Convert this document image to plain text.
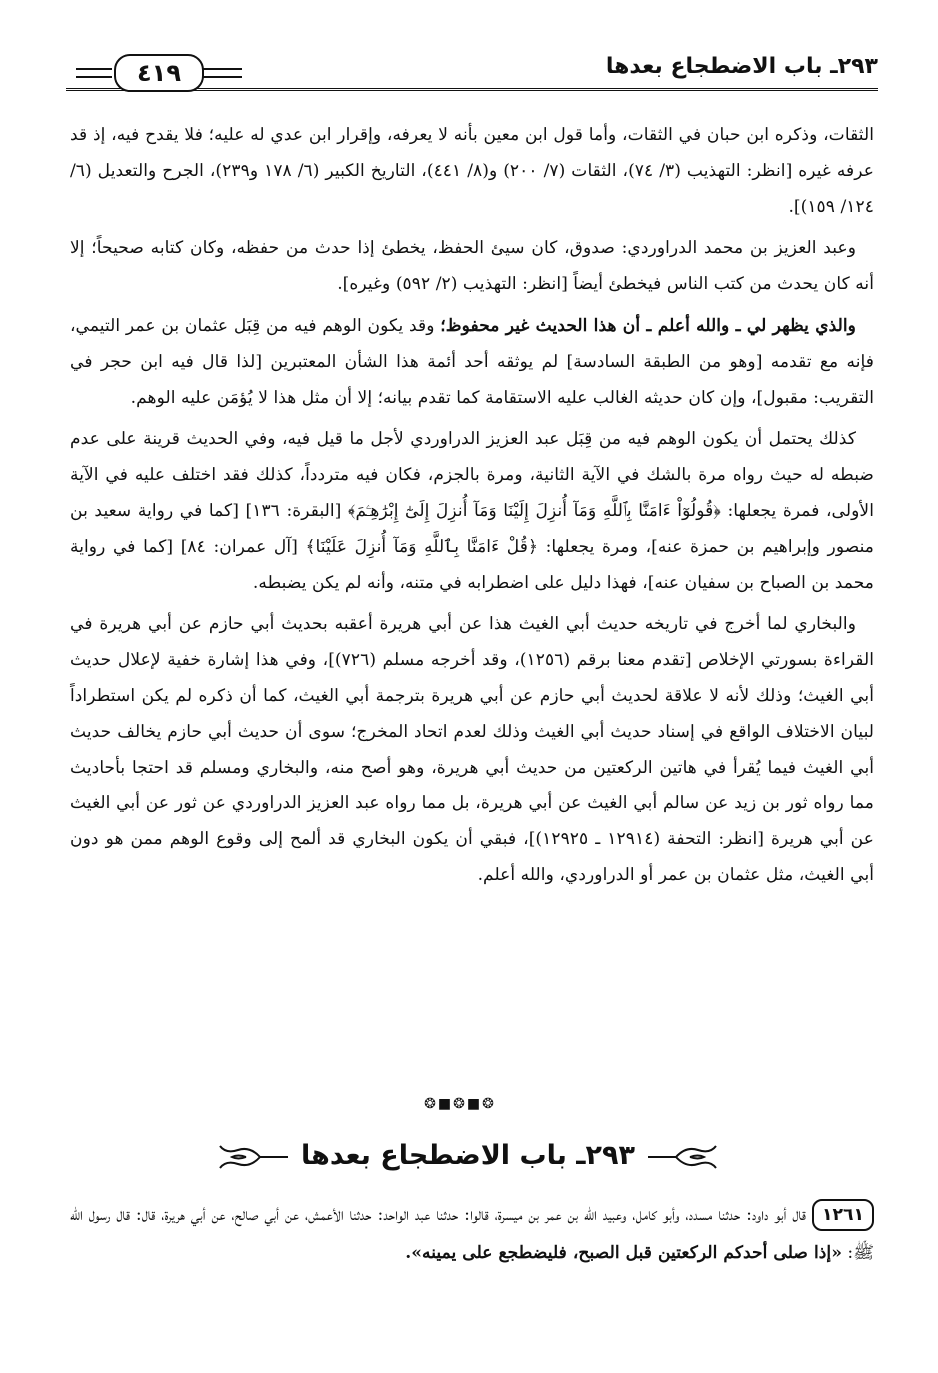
٢٩٣ـ باب الاضطجاع بعدها
٤١٩

الثقات، وذكره ابن حبان في الثقات، وأما قول ابن معين بأنه لا يعرفه، وإقرار ابن عدي له عليه؛ فلا يقدح فيه، إذ قد عرفه غيره [انظر: التهذيب (٣/ ٧٤)، الثقات (٧/ ٢٠٠) و(٨/ ٤٤١)، التاريخ الكبير (٦/ ١٧٨ و٢٣٩)، الجرح والتعديل (٦/ ١٢٤/ ١٥٩)].

وعبد العزيز بن محمد الدراوردي: صدوق، كان سيئ الحفظ، يخطئ إذا حدث من حفظه، وكان كتابه صحيحاً؛ إلا أنه كان يحدث من كتب الناس فيخطئ أيضاً [انظر: التهذيب (٢/ ٥٩٢) وغيره].

والذي يظهر لي ـ والله أعلم ـ أن هذا الحديث غير محفوظ؛ وقد يكون الوهم فيه من قِبَل عثمان بن عمر التيمي، فإنه مع تقدمه [وهو من الطبقة السادسة] لم يوثقه أحد أئمة هذا الشأن المعتبرين [لذا قال فيه ابن حجر في التقريب: مقبول]، وإن كان حديثه الغالب عليه الاستقامة كما تقدم بيانه؛ إلا أن مثل هذا لا يُؤمَن عليه الوهم.

كذلك يحتمل أن يكون الوهم فيه من قِبَل عبد العزيز الدراوردي لأجل ما قيل فيه، وفي الحديث قرينة على عدم ضبطه له حيث رواه مرة بالشك في الآية الثانية، ومرة بالجزم، فكان فيه متردداً، كذلك فقد اختلف عليه في الآية الأولى، فمرة يجعلها: ﴿قُولُوٓاْ ءَامَنَّا بِٱللَّهِ وَمَآ أُنزِلَ إِلَيْنَا وَمَآ أُنزِلَ إِلَىٰٓ إِبْرَٰهِـۧمَ﴾ [البقرة: ١٣٦] [كما في رواية سعيد بن منصور وإبراهيم بن حمزة عنه]، ومرة يجعلها: ﴿قُلْ ءَامَنَّا بِٱللَّهِ وَمَآ أُنزِلَ عَلَيْنَا﴾ [آل عمران: ٨٤] [كما في رواية محمد بن الصباح بن سفيان عنه]، فهذا دليل على اضطرابه في متنه، وأنه لم يكن يضبطه.

والبخاري لما أخرج في تاريخه حديث أبي الغيث هذا عن أبي هريرة أعقبه بحديث أبي حازم عن أبي هريرة في القراءة بسورتي الإخلاص [تقدم معنا برقم (١٢٥٦)، وقد أخرجه مسلم (٧٢٦)]، وفي هذا إشارة خفية لإعلال حديث أبي الغيث؛ وذلك لأنه لا علاقة لحديث أبي حازم عن أبي هريرة بترجمة أبي الغيث، كما أن ذكره لم يكن استطراداً لبيان الاختلاف الواقع في إسناد حديث أبي الغيث وذلك لعدم اتحاد المخرج؛ سوى أن حديث أبي حازم يخالف حديث أبي الغيث فيما يُقرأ في هاتين الركعتين من حديث أبي هريرة، وهو أصح منه، والبخاري ومسلم قد احتجا بأحاديث مما رواه ثور بن زيد عن سالم أبي الغيث عن أبي هريرة، بل مما رواه عبد العزيز الدراوردي عن ثور عن أبي الغيث عن أبي هريرة [انظر: التحفة (١٢٩١٤ ـ ١٢٩٢٥)]، فبقي أن يكون البخاري قد ألمح إلى وقوع الوهم ممن هو دون أبي الغيث، مثل عثمان بن عمر أو الدراوردي، والله أعلم.

❂■❂■❂
٢٩٣ـ باب الاضطجاع بعدها

١٢٦١قال أبو داود: حدثنا مسدد، وأبو كامل، وعبيد الله بن عمر بن ميسرة، قالوا: حدثنا عبد الواحد: حدثنا الأعمش، عن أبي صالح، عن أبي هريرة، قال: قال رسول الله ﷺ: «إذا صلى أحدكم الركعتين قبل الصبح، فليضطجع على يمينه».
